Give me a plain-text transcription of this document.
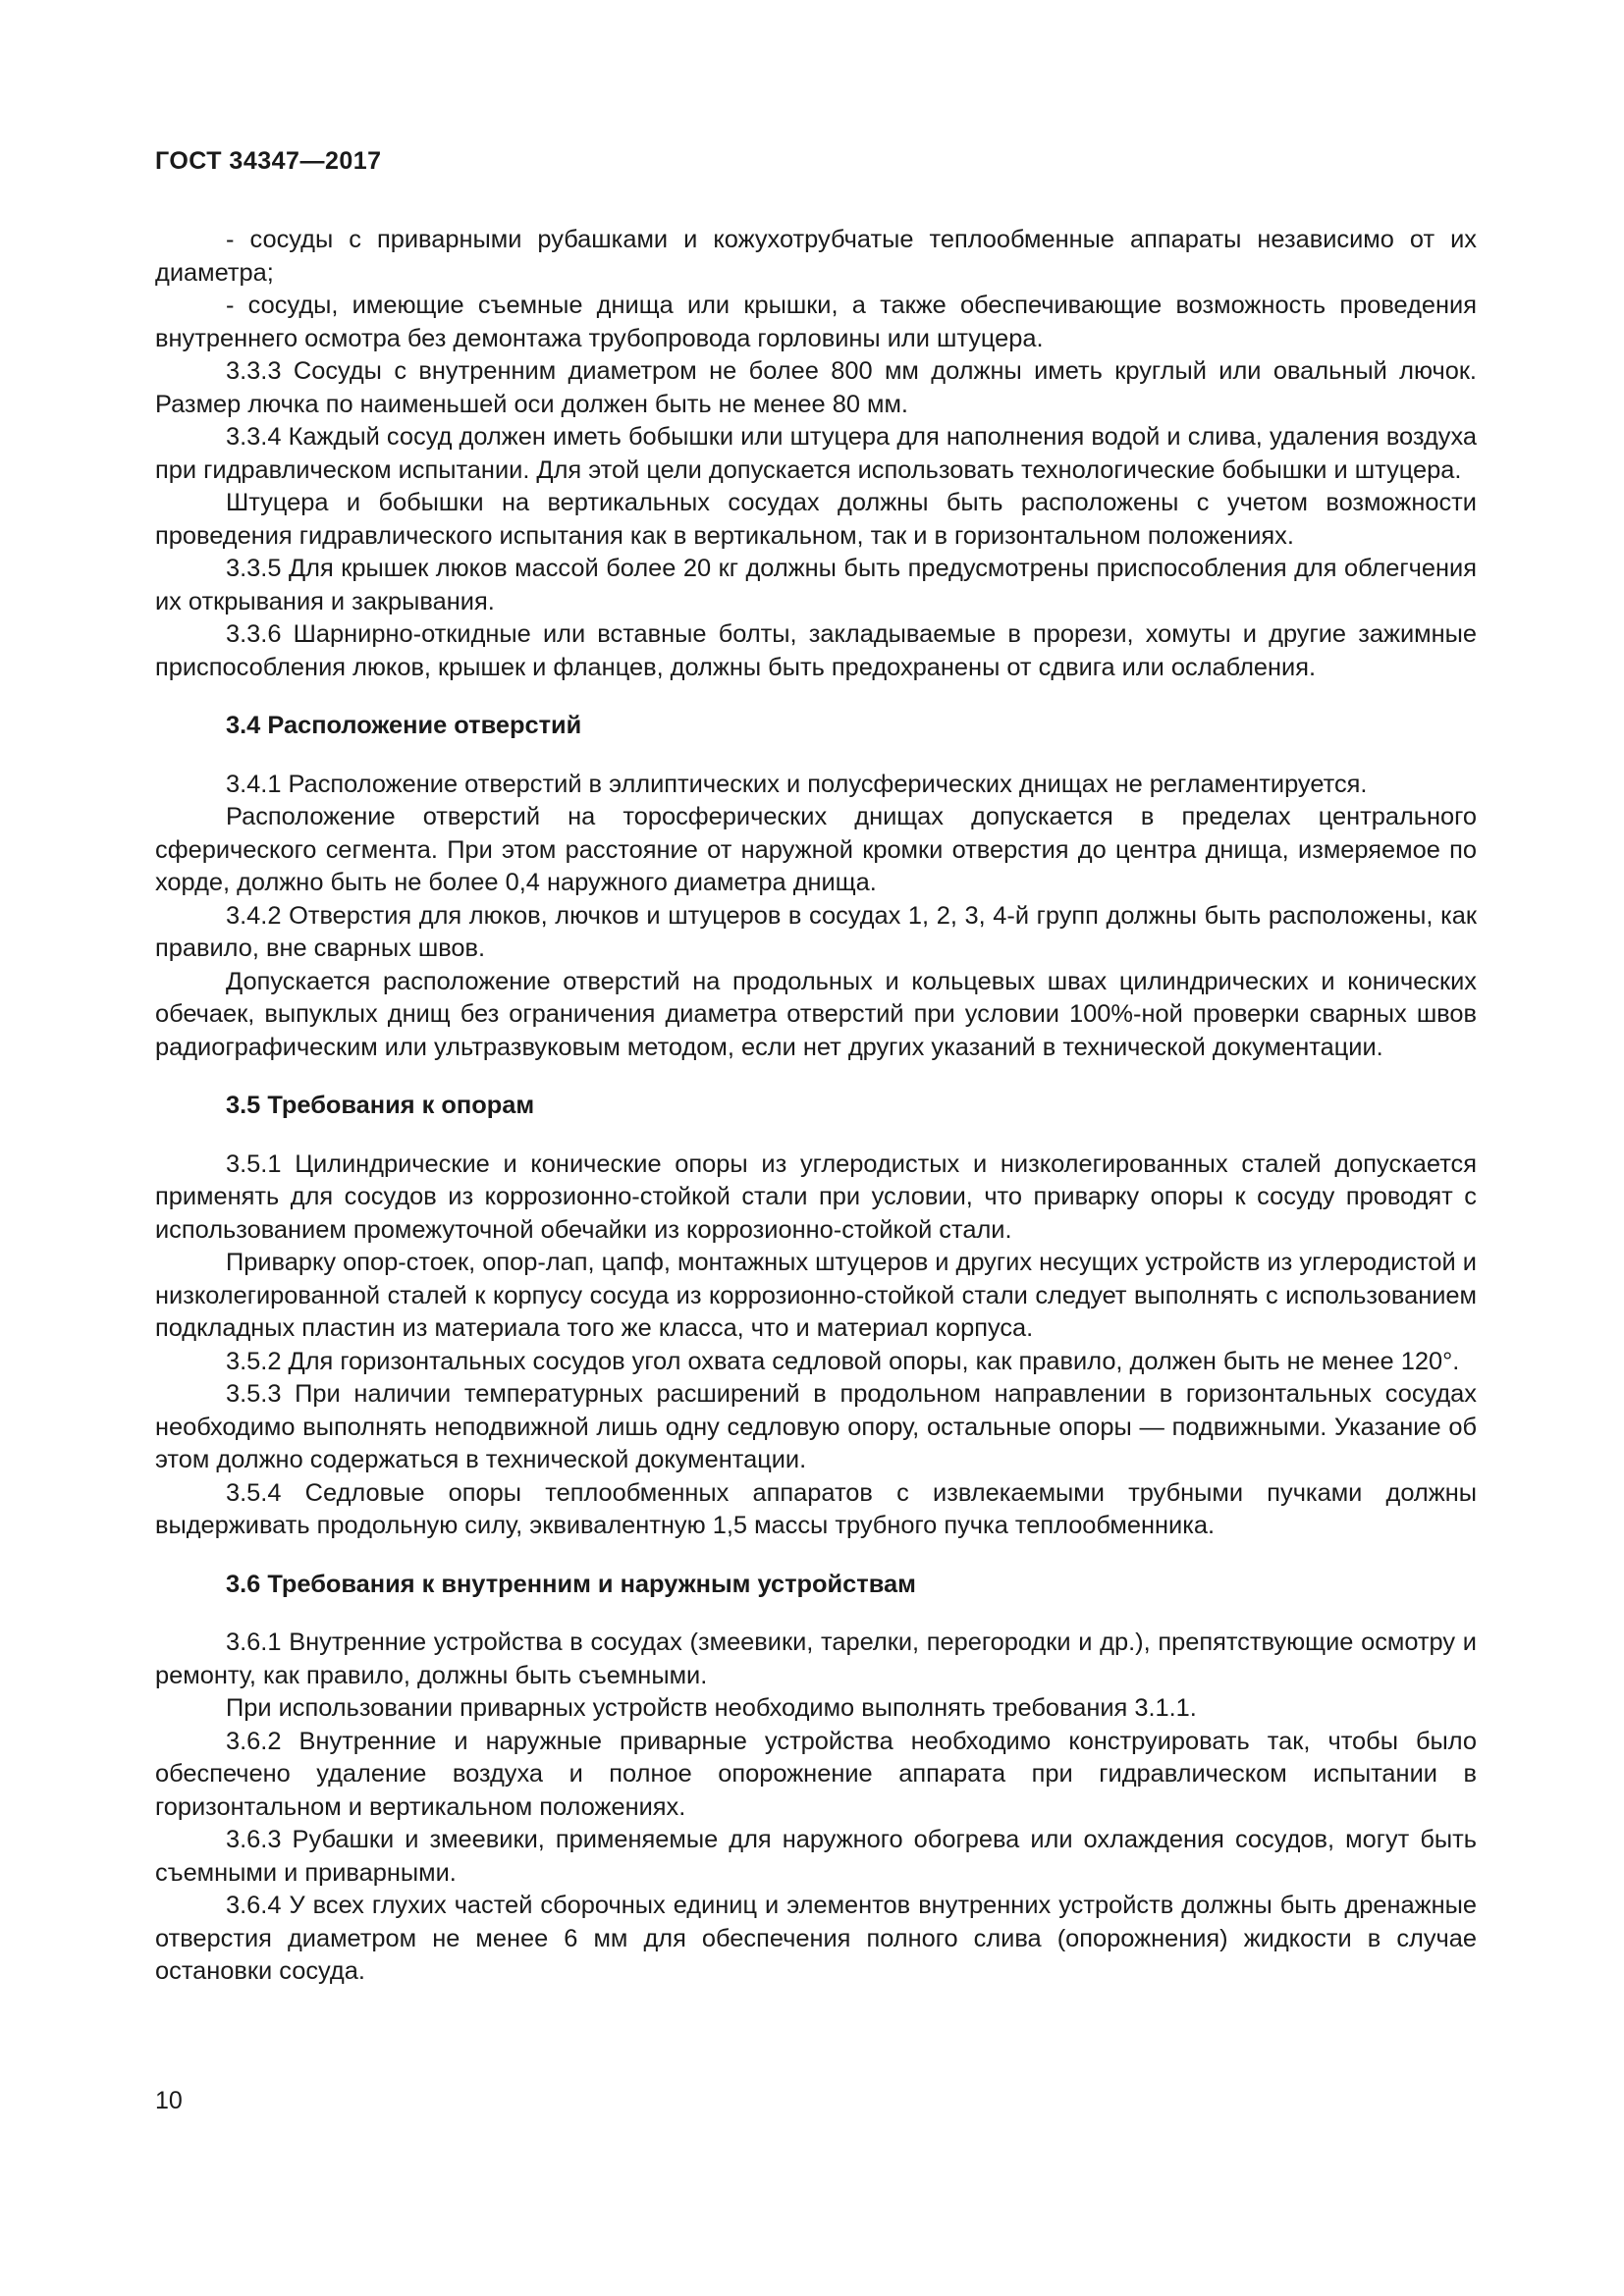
ГОСТ 34347—2017

- сосуды с приварными рубашками и кожухотрубчатые теплообменные аппараты независимо от их диаметра;

- сосуды, имеющие съемные днища или крышки, а также обеспечивающие возможность проведения внутреннего осмотра без демонтажа трубопровода горловины или штуцера.

3.3.3 Сосуды с внутренним диаметром не более 800 мм должны иметь круглый или овальный лючок. Размер лючка по наименьшей оси должен быть не менее 80 мм.

3.3.4 Каждый сосуд должен иметь бобышки или штуцера для наполнения водой и слива, удаления воздуха при гидравлическом испытании. Для этой цели допускается использовать технологические бобышки и штуцера.

Штуцера и бобышки на вертикальных сосудах должны быть расположены с учетом возможности проведения гидравлического испытания как в вертикальном, так и в горизонтальном положениях.

3.3.5 Для крышек люков массой более 20 кг должны быть предусмотрены приспособления для облегчения их открывания и закрывания.

3.3.6 Шарнирно-откидные или вставные болты, закладываемые в прорези, хомуты и другие зажимные приспособления люков, крышек и фланцев, должны быть предохранены от сдвига или ослабления.

3.4 Расположение отверстий

3.4.1 Расположение отверстий в эллиптических и полусферических днищах не регламентируется.

Расположение отверстий на торосферических днищах допускается в пределах центрального сферического сегмента. При этом расстояние от наружной кромки отверстия до центра днища, измеряемое по хорде, должно быть не более 0,4 наружного диаметра днища.

3.4.2 Отверстия для люков, лючков и штуцеров в сосудах 1, 2, 3, 4-й групп должны быть расположены, как правило, вне сварных швов.

Допускается расположение отверстий на продольных и кольцевых швах цилиндрических и конических обечаек, выпуклых днищ без ограничения диаметра отверстий при условии 100%-ной проверки сварных швов радиографическим или ультразвуковым методом, если нет других указаний в технической документации.

3.5 Требования к опорам

3.5.1 Цилиндрические и конические опоры из углеродистых и низколегированных сталей допускается применять для сосудов из коррозионно-стойкой стали при условии, что приварку опоры к сосуду проводят с использованием промежуточной обечайки из коррозионно-стойкой стали.

Приварку опор-стоек, опор-лап, цапф, монтажных штуцеров и других несущих устройств из углеродистой и низколегированной сталей к корпусу сосуда из коррозионно-стойкой стали следует выполнять с использованием подкладных пластин из материала того же класса, что и материал корпуса.

3.5.2 Для горизонтальных сосудов угол охвата седловой опоры, как правило, должен быть не менее 120°.

3.5.3 При наличии температурных расширений в продольном направлении в горизонтальных сосудах необходимо выполнять неподвижной лишь одну седловую опору, остальные опоры — подвижными. Указание об этом должно содержаться в технической документации.

3.5.4 Седловые опоры теплообменных аппаратов с извлекаемыми трубными пучками должны выдерживать продольную силу, эквивалентную 1,5 массы трубного пучка теплообменника.

3.6 Требования к внутренним и наружным устройствам

3.6.1 Внутренние устройства в сосудах (змеевики, тарелки, перегородки и др.), препятствующие осмотру и ремонту, как правило, должны быть съемными.

При использовании приварных устройств необходимо выполнять требования 3.1.1.

3.6.2 Внутренние и наружные приварные устройства необходимо конструировать так, чтобы было обеспечено удаление воздуха и полное опорожнение аппарата при гидравлическом испытании в горизонтальном и вертикальном положениях.

3.6.3 Рубашки и змеевики, применяемые для наружного обогрева или охлаждения сосудов, могут быть съемными и приварными.

3.6.4 У всех глухих частей сборочных единиц и элементов внутренних устройств должны быть дренажные отверстия диаметром не менее 6 мм для обеспечения полного слива (опорожнения) жидкости в случае остановки сосуда.

10
